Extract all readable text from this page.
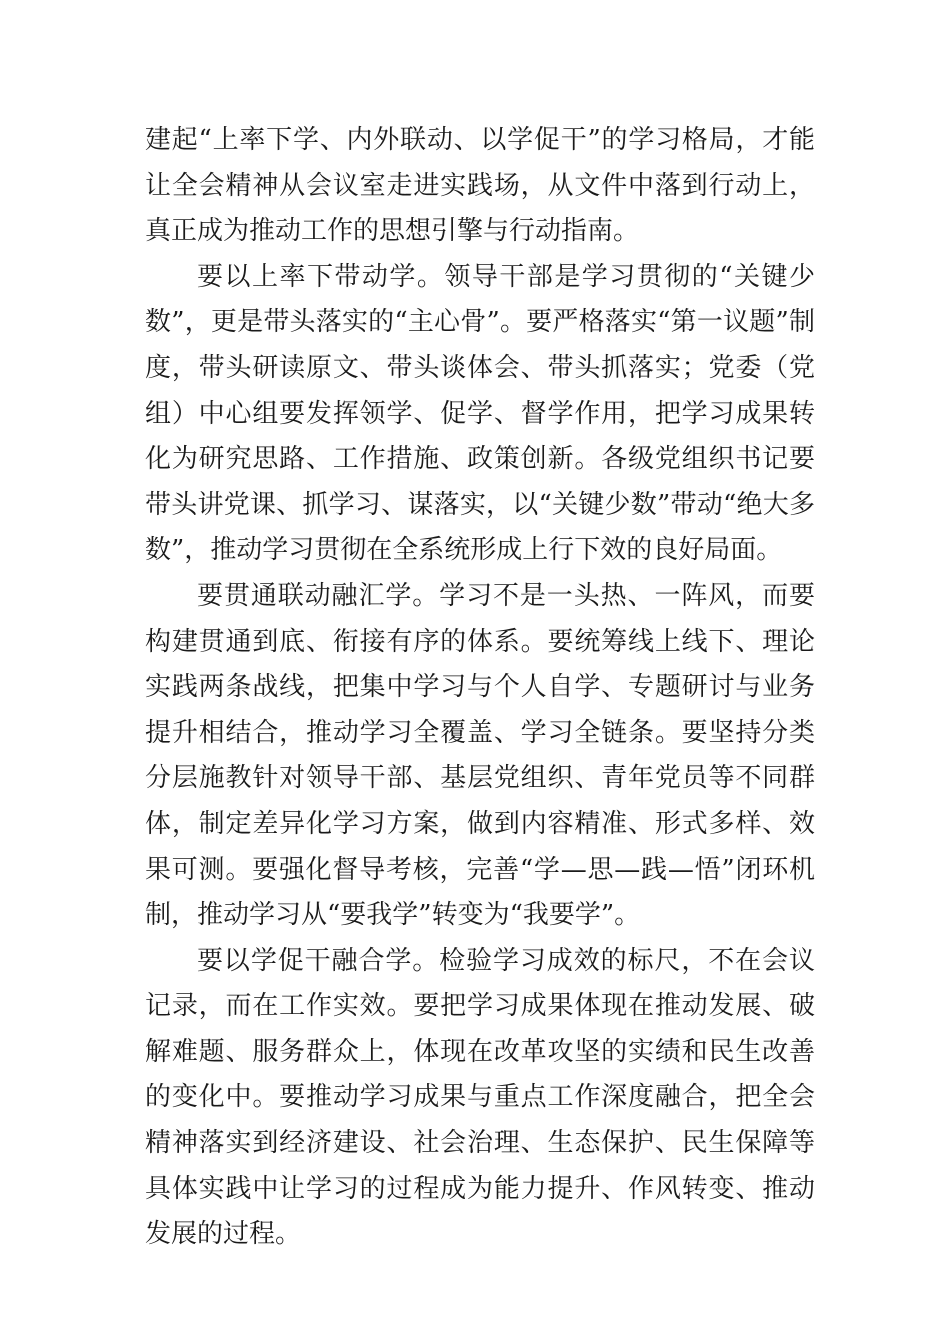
建起“上率下学、内外联动、以学促干”的学习格局，才能让全会精神从会议室走进实践场，从文件中落到行动上，真正成为推动工作的思想引擎与行动指南。

要以上率下带动学。领导干部是学习贯彻的“关键少数”，更是带头落实的“主心骨”。要严格落实“第一议题”制度，带头研读原文、带头谈体会、带头抓落实；党委（党组）中心组要发挥领学、促学、督学作用，把学习成果转化为研究思路、工作措施、政策创新。各级党组织书记要带头讲党课、抓学习、谋落实，以“关键少数”带动“绝大多数”，推动学习贯彻在全系统形成上行下效的良好局面。

要贯通联动融汇学。学习不是一头热、一阵风，而要构建贯通到底、衔接有序的体系。要统筹线上线下、理论实践两条战线，把集中学习与个人自学、专题研讨与业务提升相结合，推动学习全覆盖、学习全链条。要坚持分类分层施教针对领导干部、基层党组织、青年党员等不同群体，制定差异化学习方案，做到内容精准、形式多样、效果可测。要强化督导考核，完善“学—思—践—悟”闭环机制，推动学习从“要我学”转变为“我要学”。

要以学促干融合学。检验学习成效的标尺，不在会议记录，而在工作实效。要把学习成果体现在推动发展、破解难题、服务群众上，体现在改革攻坚的实绩和民生改善的变化中。要推动学习成果与重点工作深度融合，把全会精神落实到经济建设、社会治理、生态保护、民生保障等具体实践中让学习的过程成为能力提升、作风转变、推动发展的过程。
